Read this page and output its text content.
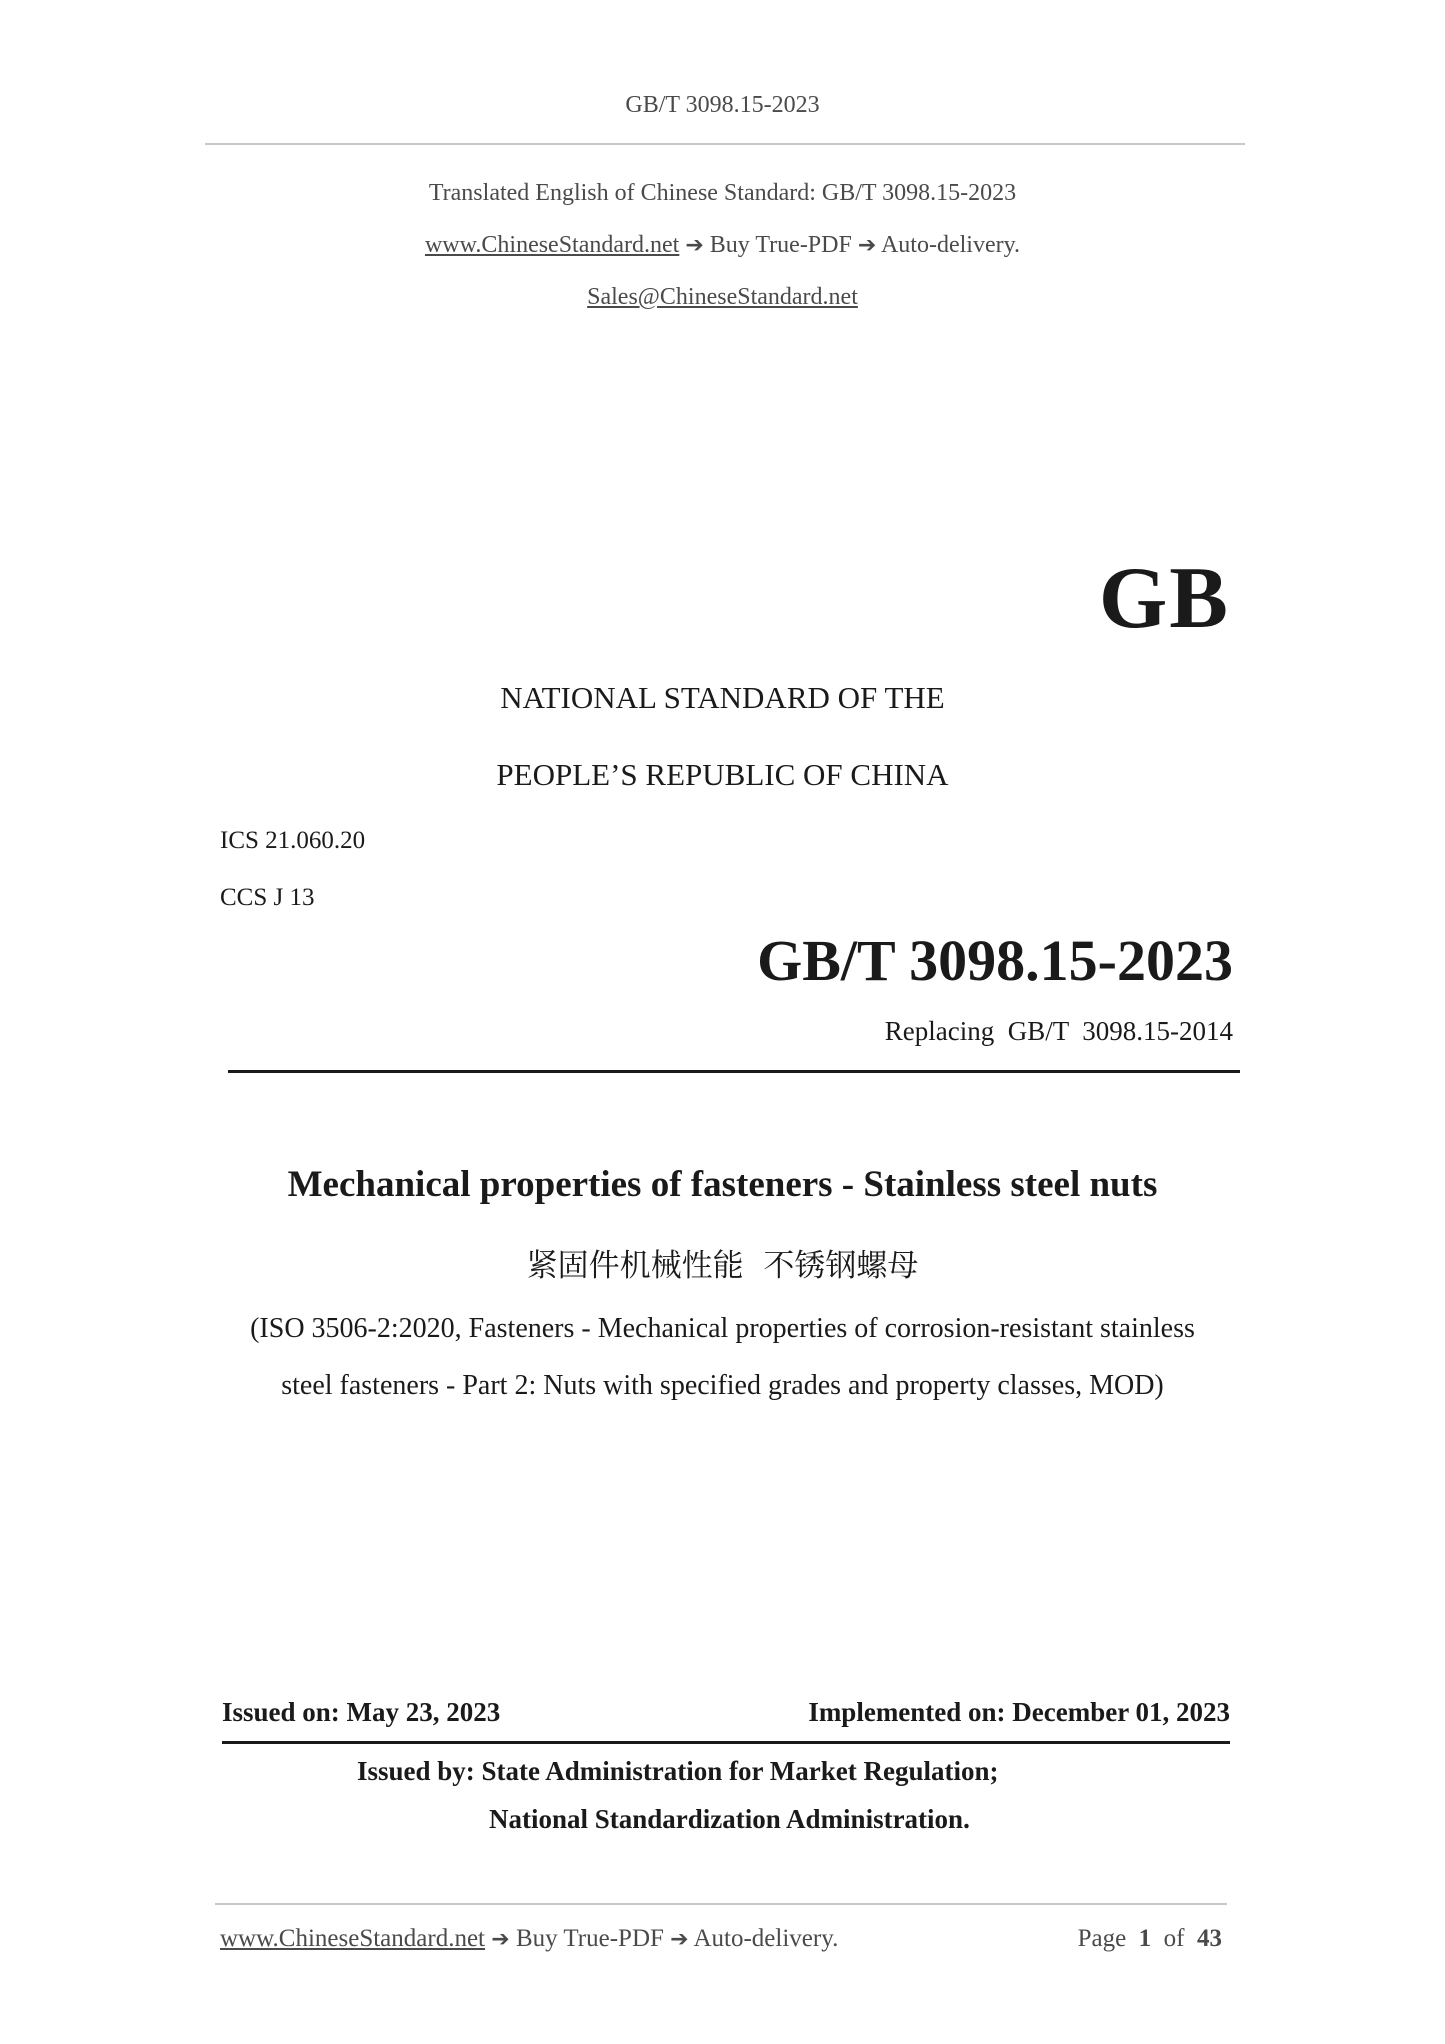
GB/T 3098.15-2023
Translated English of Chinese Standard: GB/T 3098.15-2023
www.ChineseStandard.net ➔ Buy True-PDF ➔ Auto-delivery.
Sales@ChineseStandard.net
GB
NATIONAL STANDARD OF THE
PEOPLE’S REPUBLIC OF CHINA
ICS 21.060.20
CCS J 13
GB/T 3098.15-2023
Replacing  GB/T  3098.15-2014
Mechanical properties of fasteners - Stainless steel nuts
紧固件机械性能  不锈钢螺母
(ISO 3506-2:2020, Fasteners - Mechanical properties of corrosion-resistant stainless
steel fasteners - Part 2: Nuts with specified grades and property classes, MOD)
Issued on: May 23, 2023	Implemented on: December 01, 2023
Issued by: State Administration for Market Regulation;
National Standardization Administration.
www.ChineseStandard.net ➔ Buy True-PDF ➔ Auto-delivery.	Page 1 of 43
